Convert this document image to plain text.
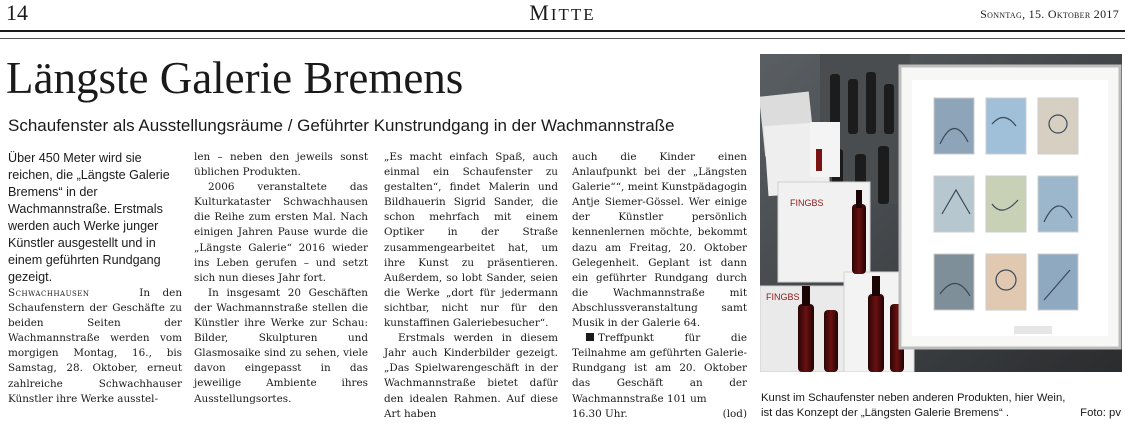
14	MITTE	Sonntag, 15. Oktober 2017
Längste Galerie Bremens
Schaufenster als Ausstellungsräume / Geführter Kunstrundgang in der Wachmannstraße

Über 450 Meter wird sie reichen, die „Längste Galerie Bremens“ in der Wachmannstraße. Erstmals werden auch Werke junger Künstler ausgestellt und in einem geführten Rundgang gezeigt.

Schwachhausen	In den Schaufenstern der Geschäfte zu beiden Seiten der Wachmannstraße werden vom morgigen Montag, 16., bis Samstag, 28. Oktober, erneut zahlreiche Schwachhauser Künstler ihre Werke ausstel-

len – neben den jeweils sonst üblichen Produkten.

2006 veranstaltete das Kulturkataster Schwachhausen die Reihe zum ersten Mal. Nach einigen Jahren Pause wurde die „Längste Galerie“ 2016 wieder ins Leben gerufen – und setzt sich nun dieses Jahr fort.

In insgesamt 20 Geschäften der Wachmannstraße stellen die Künstler ihre Werke zur Schau: Bilder, Skulpturen und Glasmosaike sind zu sehen, viele davon eingepasst in das jeweilige Ambiente ihres Ausstellungsortes.

„Es macht einfach Spaß, auch einmal ein Schaufenster zu gestalten“, findet Malerin und Bildhauerin Sigrid Sander, die schon mehrfach mit einem Optiker in der Straße zusammengearbeitet hat, um ihre Kunst zu präsentieren. Außerdem, so lobt Sander, seien die Werke „dort für jedermann sichtbar, nicht nur für den kunstaffinen Galeriebesucher“.

Erstmals werden in diesem Jahr auch Kinderbilder gezeigt. „Das Spielwarengeschäft in der Wachmannstraße bietet dafür den idealen Rahmen. Auf diese Art haben

auch die Kinder einen Anlaufpunkt bei der „Längsten Galerie““, meint Kunstpädagogin Antje Siemer-Gössel. Wer einige der Künstler persönlich kennenlernen möchte, bekommt dazu am Freitag, 20. Oktober Gelegenheit. Geplant ist dann ein geführter Rundgang durch die Wachmannstraße mit Abschlussveranstaltung samt Musik in der Galerie 64.

Treffpunkt für die Teilnahme am geführten Galerie-Rundgang ist am 20. Oktober das Geschäft an der Wachmannstraße 101 um

16.30 Uhr.	(lod)
FINGBS
FINGBS
Kunst im Schaufenster neben anderen Produkten, hier Wein,
ist das Konzept der „Längsten Galerie Bremens“ .	Foto: pv
